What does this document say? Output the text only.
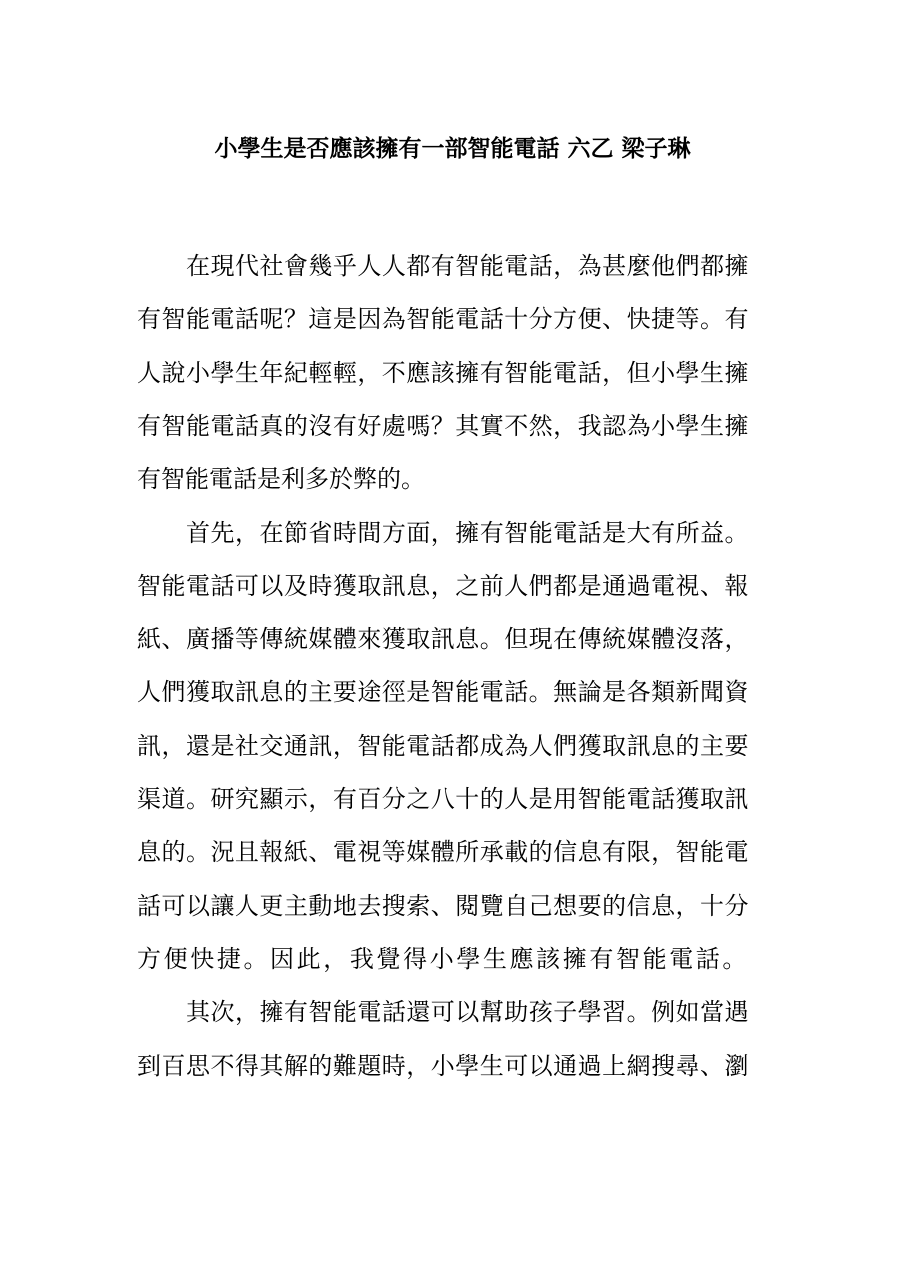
小學生是否應該擁有一部智能電話 六乙 梁子琳
在現代社會幾乎人人都有智能電話，為甚麼他們都擁
有智能電話呢？這是因為智能電話十分方便、快捷等。有
人說小學生年紀輕輕，不應該擁有智能電話，但小學生擁
有智能電話真的沒有好處嗎？其實不然，我認為小學生擁
有智能電話是利多於弊的。
首先，在節省時間方面，擁有智能電話是大有所益。
智能電話可以及時獲取訊息，之前人們都是通過電視、報
紙、廣播等傳統媒體來獲取訊息。但現在傳統媒體沒落，
人們獲取訊息的主要途徑是智能電話。無論是各類新聞資
訊，還是社交通訊，智能電話都成為人們獲取訊息的主要
渠道。研究顯示，有百分之八十的人是用智能電話獲取訊
息的。況且報紙、電視等媒體所承載的信息有限，智能電
話可以讓人更主動地去搜索、閱覽自己想要的信息，十分
方便快捷。因此，我覺得小學生應該擁有智能電話。
其次，擁有智能電話還可以幫助孩子學習。例如當遇
到百思不得其解的難題時，小學生可以通過上網搜尋、瀏
